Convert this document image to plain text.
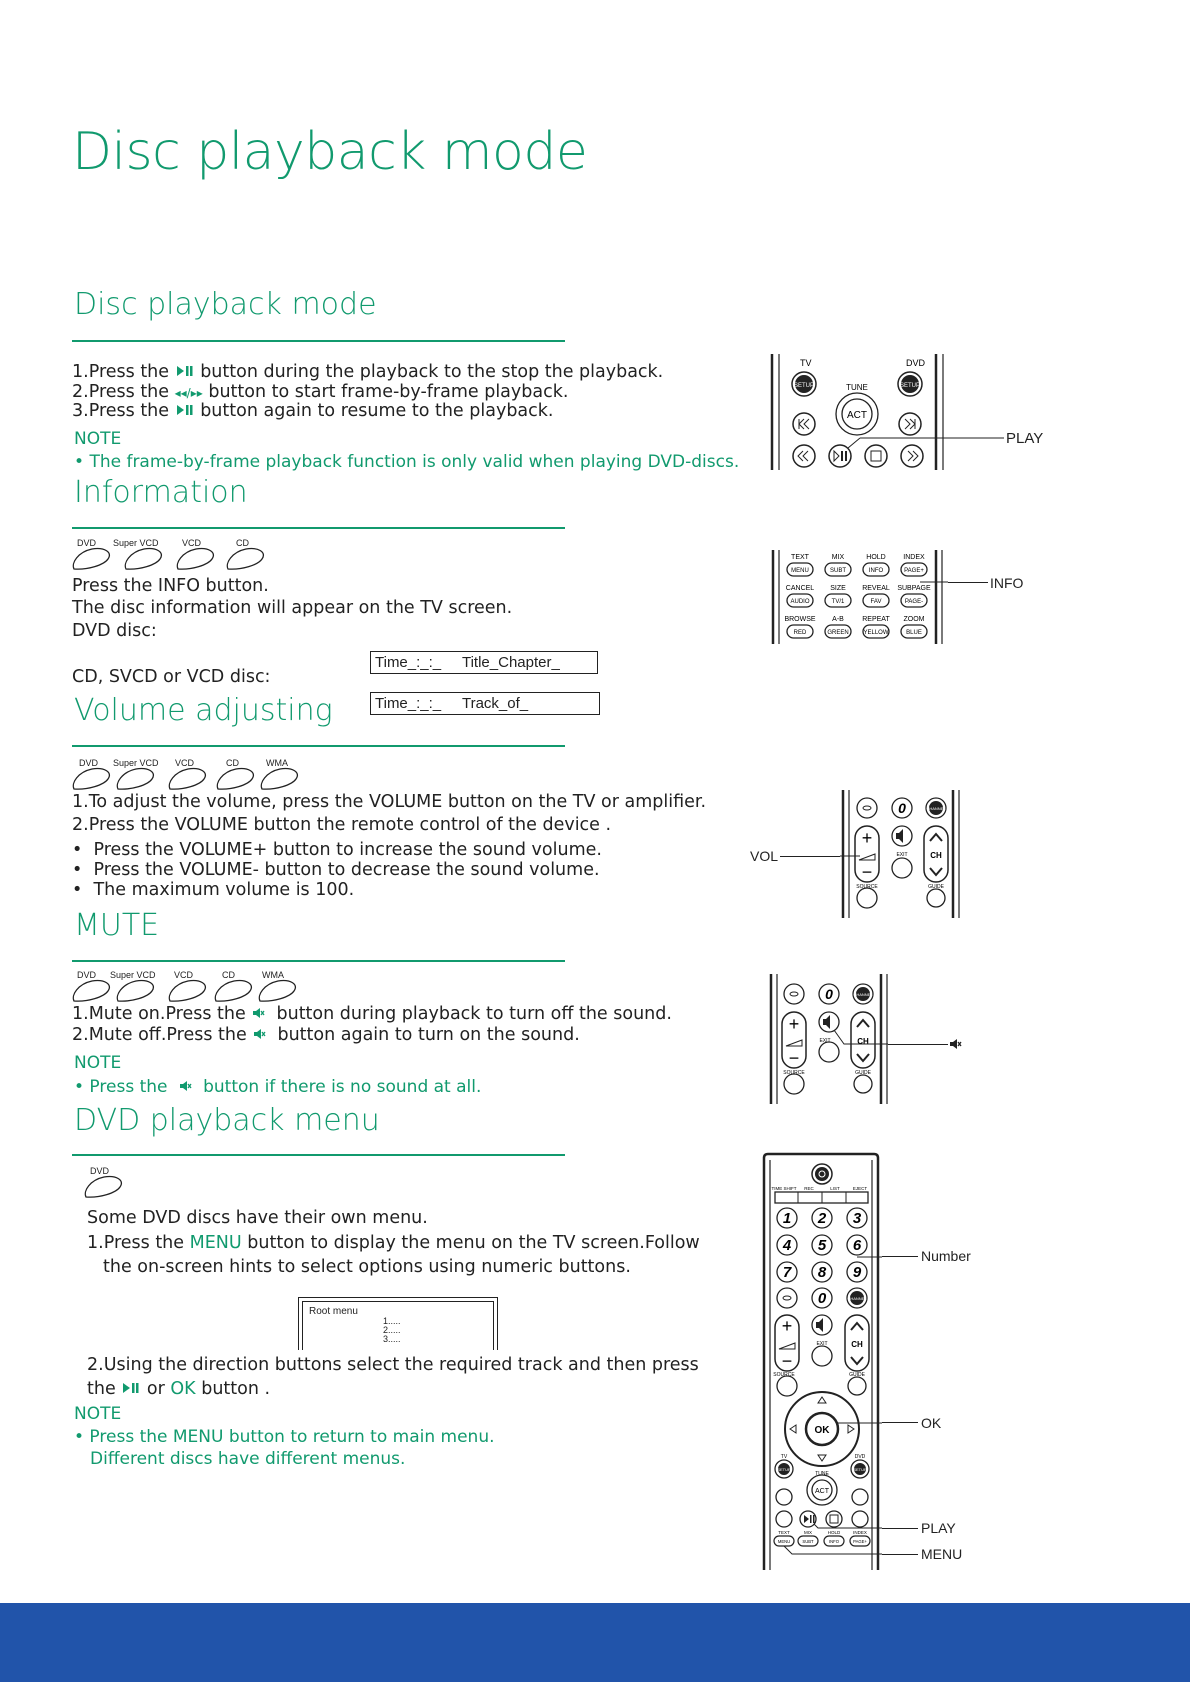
Disc playback mode
Disc playback mode
1.Press the button during the playback to the stop the playback.
2.Press the ◂◂/▸▸ button to start frame-by-frame playback.
3.Press the button again to resume to the playback.
NOTE
• The frame-by-frame playback function is only valid when playing DVD-discs.
TV	DVD
SETUP	SETUP
TUNE
ACT
PLAY
Information
DVD Super VCD	VCD	CD
Press the INFO button.
The disc information will appear on the TV screen.
DVD disc:
CD, SVCD or VCD disc:
Time_:_:_ Title_Chapter_
Time_:_:_ Track_of_
TEXT	MIX	HOLD	INDEX
CANCEL SIZE REVEAL SUBPAGE
BROWSE A-B	REPEAT ZOOM
MENU	SUBT	INFO	PAGE+
AUDIO	TV/1	FAV	PAGE-
RED	GREEN YELLOW	BLUE
INFO
Volume adjusting
DVD Super VCD VCD	CD	WMA
1.To adjust the volume, press the VOLUME button on the TV or amplifier.
2.Press the VOLUME button the remote control of the device .
•  Press the VOLUME+ button to increase the sound volume.
•  Press the VOLUME- button to decrease the sound volume.
•  The maximum volume is 100.
0	CHANNEL
+
−
EXIT	CH
SOURCE	GUIDE
VOL
MUTE
DVD Super VCD VCD	CD	WMA
1.Mute on.Press the button during playback to turn off the sound.
2.Mute off.Press the button again to turn on the sound.
NOTE
• Press the button if there is no sound at all.
0	CHANNEL
+
−
EXIT	CH
SOURCE	GUIDE
DVD playback menu
DVD
Some DVD discs have their own menu.
1.Press the MENU button to display the menu on the TV screen.Follow
the on-screen hints to select options using numeric buttons.
Root menu
1.....
2.....
3.....
2.Using the direction buttons select the required track and then press
the or OK button .
NOTE
• Press the MENU button to return to main menu.
Different discs have different menus.
TIME SHIFT REC	LIST	EJECT
1 2 3
4 5 6
7 8 9
0	CHANNEL
+
−
EXIT	CH
SOURCE	GUIDE
OK
TV	DVD
SETUP	SETUP
TUNE
ACT
TEXT	MIX	HOLD	INDEX
MENU	SUBT	INFO	PAGE+
Number
OK
PLAY
MENU
